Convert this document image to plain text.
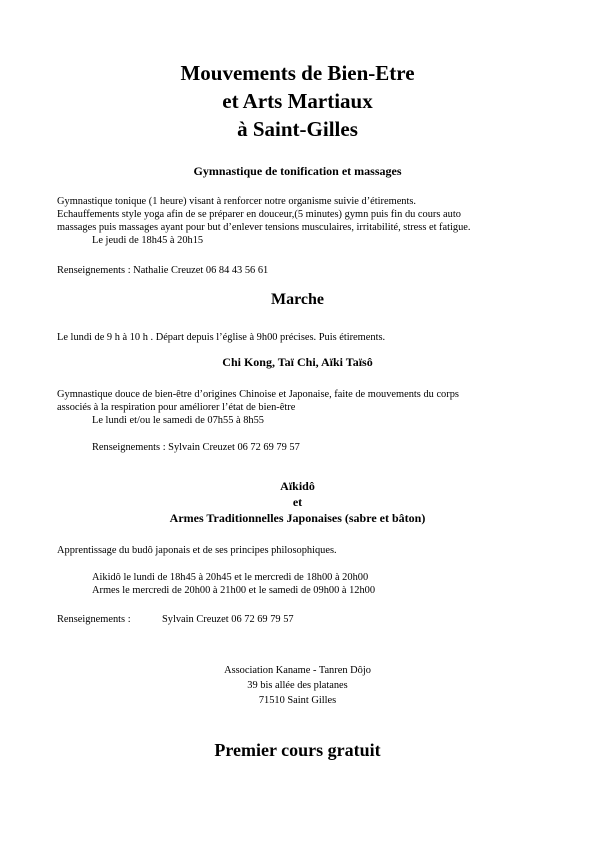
Mouvements de Bien-Etre
et Arts Martiaux
à Saint-Gilles
Gymnastique de tonification et massages
Gymnastique tonique (1 heure) visant à renforcer notre organisme suivie d’étirements.
Echauffements style yoga afin de se préparer en douceur,(5 minutes) gymn puis fin du cours auto
massages puis massages ayant pour but d’enlever tensions musculaires, irritabilité, stress et fatigue.
Le jeudi de 18h45 à 20h15
Renseignements : Nathalie Creuzet 06 84 43 56 61
Marche
Le lundi de 9 h à 10 h . Départ depuis l’église à 9h00 précises. Puis étirements.
Chi Kong, Taï Chi, Aïki Taïsô
Gymnastique douce de bien-être d’origines Chinoise et Japonaise, faite de mouvements du corps
associés à la respiration pour améliorer l’état de bien-être
Le lundi et/ou le samedi de 07h55 à 8h55
Renseignements : Sylvain Creuzet 06 72 69 79 57
Aïkidô
et
Armes Traditionnelles Japonaises (sabre et bâton)
Apprentissage du budô japonais et de ses principes philosophiques.
Aikidô le lundi de 18h45 à 20h45 et le mercredi de 18h00 à 20h00
Armes le mercredi de 20h00 à 21h00 et le samedi de 09h00 à 12h00
Renseignements :	Sylvain Creuzet 06 72 69 79 57
Association Kaname - Tanren Dôjo
39 bis allée des platanes
71510 Saint Gilles
Premier cours gratuit
